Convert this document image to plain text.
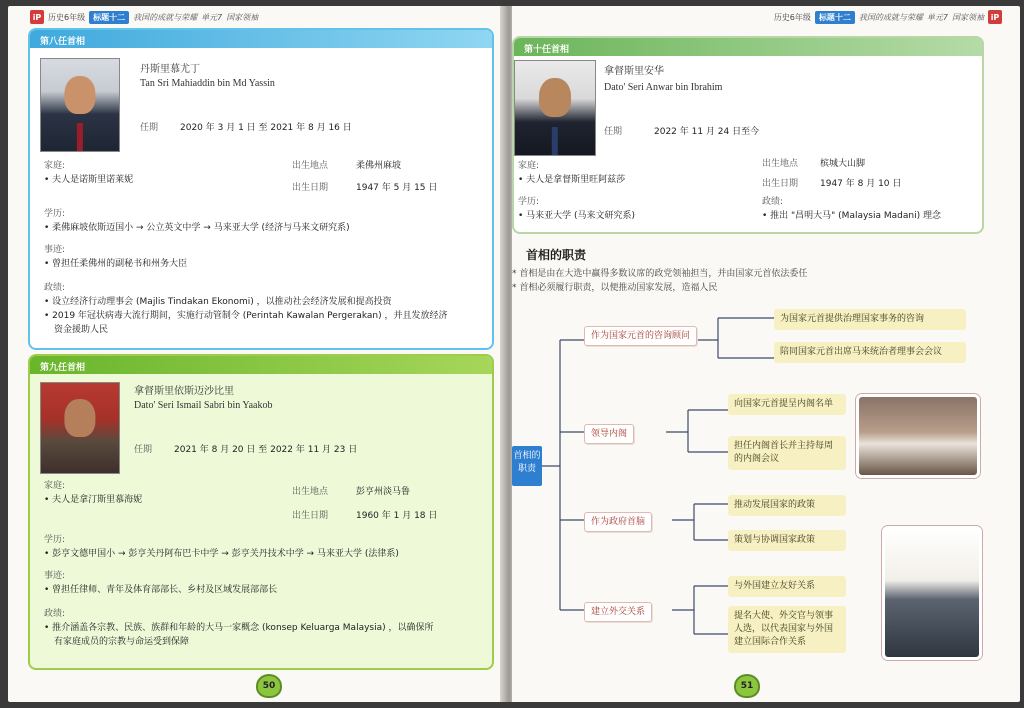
iP 历史6年级	标题十二	我国的成就与荣耀 单元7 国家领袖
第八任首相
丹斯里慕尤丁
Tan Sri Mahiaddin bin Md Yassin
任期 2020 年 3 月 1 日 至 2021 年 8 月 16 日
家庭:
• 夫人是诺斯里诺莱妮
出生地点	柔佛州麻坡
出生日期	1947 年 5 月 15 日
学历:
• 柔佛麻坡依斯迈国小 → 公立英文中学 → 马来亚大学 (经济与马来文研究系)
事迹:
• 曾担任柔佛州的副秘书和州务大臣
政绩:
• 设立经济行动理事会 (Majlis Tindakan Ekonomi) ，以推动社会经济发展和提高投资
• 2019 年冠状病毒大流行期间，实施行动管制令 (Perintah Kawalan Pergerakan) ，并且发放经济
资金援助人民
第九任首相
拿督斯里依斯迈沙比里
Dato' Seri Ismail Sabri bin Yaakob
任期 2021 年 8 月 20 日 至 2022 年 11 月 23 日
家庭:
• 夫人是拿汀斯里慕海妮
出生地点	彭亨州淡马鲁
出生日期	1960 年 1 月 18 日
学历:
• 彭亨文德甲国小 → 彭亨关丹阿布巴卡中学 → 彭亨关丹技术中学 → 马来亚大学 (法律系)
事迹:
• 曾担任律师、青年及体育部部长、乡村及区域发展部部长
政绩:
• 推介涵盖各宗教、民族、族群和年龄的大马一家概念 (konsep Keluarga Malaysia) ，以确保所
有家庭成员的宗教与命运受到保障
50
历史6年级	标题十二	我国的成就与荣耀 单元7 国家领袖 iP
第十任首相
拿督斯里安华
Dato' Seri Anwar bin Ibrahim
任期	2022 年 11 月 24 日至今
家庭:
• 夫人是拿督斯里旺阿兹莎
出生地点 槟城大山脚
出生日期 1947 年 8 月 10 日
学历:
• 马来亚大学 (马来文研究系)
政绩:
• 推出 "昌明大马" (Malaysia Madani) 理念
首相的职责
* 首相是由在大选中赢得多数议席的政党领袖担当，并由国家元首依法委任
* 首相必须履行职责，以便推动国家发展，造福人民
首相的职责
作为国家元首的咨询顾问
领导内阁
作为政府首脑
建立外交关系
为国家元首提供治理国家事务的咨询
陪同国家元首出席马来统治者理事会会议
向国家元首提呈内阁名单
担任内阁首长并主持每周的内阁会议
推动发展国家的政策
策划与协调国家政策
与外国建立友好关系
提名大使、外交官与领事人选，以代表国家与外国建立国际合作关系
51
